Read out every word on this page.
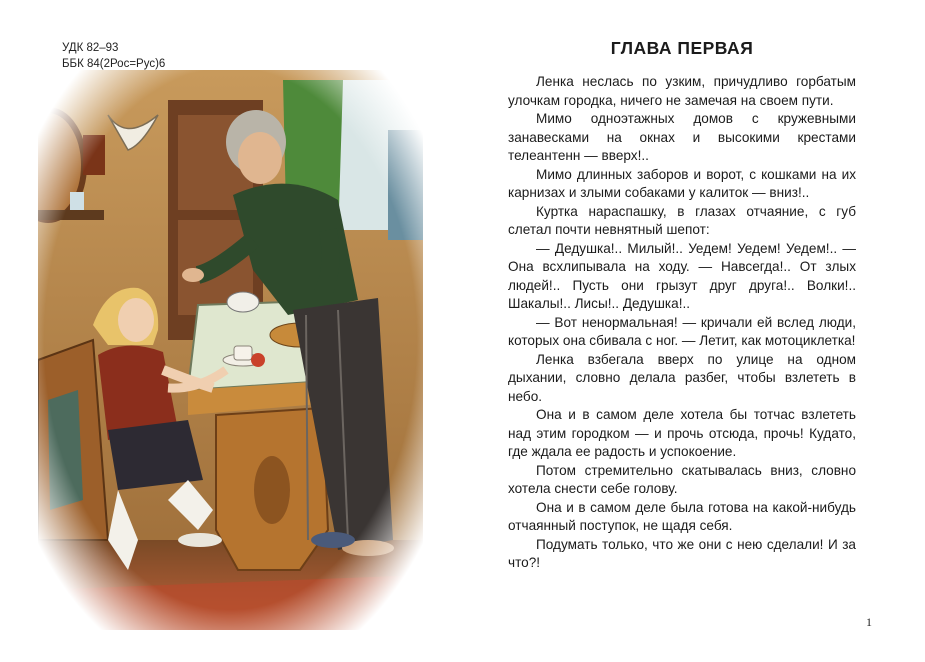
УДК 82–93
ББК 84(2Рос=Рус)6
ГЛАВА ПЕРВАЯ

Ленка неслась по узким, причудливо горбатым улочкам городка, ничего не замечая на своем пути.

Мимо одноэтажных домов с кружевными занавесками на окнах и высокими крестами телеантенн — вверх!..

Мимо длинных заборов и ворот, с кошками на их карнизах и злыми собаками у калиток — вниз!..

Куртка нараспашку, в глазах отчаяние, с губ слетал почти невнятный шепот:

— Дедушка!.. Милый!.. Уедем! Уедем! Уедем!.. — Она всхлипывала на ходу. — Навсегда!.. От злых людей!.. Пусть они грызут друг друга!.. Волки!.. Шакалы!.. Лисы!.. Дедушка!..

— Вот ненормальная! — кричали ей вслед люди, которых она сбивала с ног. — Летит, как мотоциклетка!

Ленка взбегала вверх по улице на одном дыхании, словно делала разбег, чтобы взлететь в небо.

Она и в самом деле хотела бы тотчас взлететь над этим городком — и прочь отсюда, прочь! Кудато, где ждала ее радость и успокоение.

Потом стремительно скатывалась вниз, словно хотела снести себе голову.

Она и в самом деле была готова на какой-нибудь отчаянный поступок, не щадя себя.

Подумать только, что же они с нею сделали! И за что?!

1
